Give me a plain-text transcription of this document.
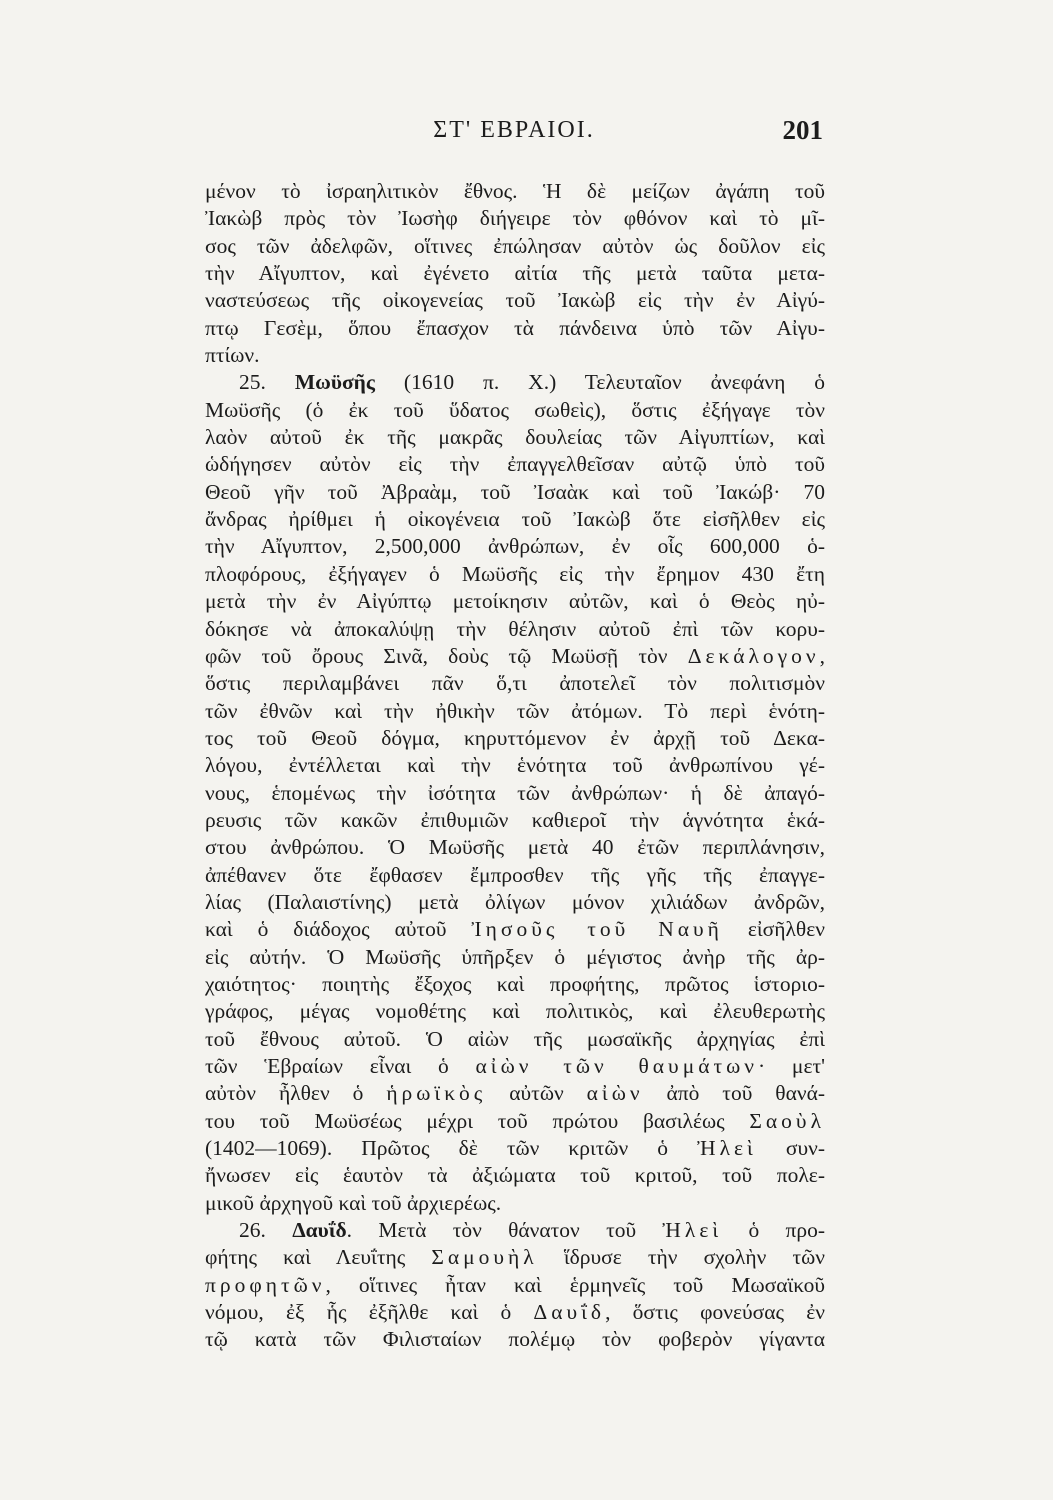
ΣΤ' ΕΒΡΑΙΟΙ.	201
μένον τὸ ἰσραηλιτικὸν ἔθνος. Ἡ δὲ μείζων ἀγάπη τοῦ
Ἰακὼβ πρὸς τὸν Ἰωσὴφ διήγειρε τὸν φθόνον καὶ τὸ μῖ-
σος τῶν ἀδελφῶν, οἵτινες ἐπώλησαν αὐτὸν ὡς δοῦλον εἰς
τὴν Αἴγυπτον, καὶ ἐγένετο αἰτία τῆς μετὰ ταῦτα μετα-
ναστεύσεως τῆς οἰκογενείας τοῦ Ἰακὼβ εἰς τὴν ἐν Αἰγύ-
πτῳ Γεσὲμ, ὅπου ἔπασχον τὰ πάνδεινα ὑπὸ τῶν Αἰγυ-
πτίων.
25. Μωϋσῆς (1610 π. Χ.) Τελευταῖον ἀνεφάνη ὁ
Μωϋσῆς (ὁ ἐκ τοῦ ὕδατος σωθεὶς), ὅστις ἐξήγαγε τὸν
λαὸν αὐτοῦ ἐκ τῆς μακρᾶς δουλείας τῶν Αἰγυπτίων, καὶ
ὡδήγησεν αὐτὸν εἰς τὴν ἐπαγγελθεῖσαν αὐτῷ ὑπὸ τοῦ
Θεοῦ γῆν τοῦ Ἀβραὰμ, τοῦ Ἰσαὰκ καὶ τοῦ Ἰακώβ· 70
ἄνδρας ἠρίθμει ἡ οἰκογένεια τοῦ Ἰακὼβ ὅτε εἰσῆλθεν εἰς
τὴν Αἴγυπτον, 2,500,000 ἀνθρώπων, ἐν οἷς 600,000 ὁ-
πλοφόρους, ἐξήγαγεν ὁ Μωϋσῆς εἰς τὴν ἔρημον 430 ἔτη
μετὰ τὴν ἐν Αἰγύπτῳ μετοίκησιν αὐτῶν, καὶ ὁ Θεὸς ηὐ-
δόκησε νὰ ἀποκαλύψῃ τὴν θέλησιν αὐτοῦ ἐπὶ τῶν κορυ-
φῶν τοῦ ὄρους Σινᾶ, δοὺς τῷ Μωϋσῇ τὸν Δεκάλογον,
ὅστις περιλαμβάνει πᾶν ὅ,τι ἀποτελεῖ τὸν πολιτισμὸν
τῶν ἐθνῶν καὶ τὴν ἠθικὴν τῶν ἀτόμων. Τὸ περὶ ἑνότη-
τος τοῦ Θεοῦ δόγμα, κηρυττόμενον ἐν ἀρχῇ τοῦ Δεκα-
λόγου, ἐντέλλεται καὶ τὴν ἑνότητα τοῦ ἀνθρωπίνου γέ-
νους, ἑπομένως τὴν ἰσότητα τῶν ἀνθρώπων· ἡ δὲ ἀπαγό-
ρευσις τῶν κακῶν ἐπιθυμιῶν καθιεροῖ τὴν ἁγνότητα ἑκά-
στου ἀνθρώπου. Ὁ Μωϋσῆς μετὰ 40 ἐτῶν περιπλάνησιν,
ἀπέθανεν ὅτε ἔφθασεν ἔμπροσθεν τῆς γῆς τῆς ἐπαγγε-
λίας (Παλαιστίνης) μετὰ ὀλίγων μόνον χιλιάδων ἀνδρῶν,
καὶ ὁ διάδοχος αὐτοῦ Ἰησοῦς τοῦ Ναυῆ εἰσῆλθεν
εἰς αὐτήν. Ὁ Μωϋσῆς ὑπῆρξεν ὁ μέγιστος ἀνὴρ τῆς ἀρ-
χαιότητος· ποιητὴς ἔξοχος καὶ προφήτης, πρῶτος ἱστοριο-
γράφος, μέγας νομοθέτης καὶ πολιτικὸς, καὶ ἐλευθερωτὴς
τοῦ ἔθνους αὐτοῦ. Ὁ αἰὼν τῆς μωσαϊκῆς ἀρχηγίας ἐπὶ
τῶν Ἑβραίων εἶναι ὁ αἰὼν τῶν θαυμάτων· μετ'
αὐτὸν ἦλθεν ὁ ἡρωϊκὸς αὐτῶν αἰὼν ἀπὸ τοῦ θανά-
του τοῦ Μωϋσέως μέχρι τοῦ πρώτου βασιλέως Σαοὺλ
(1402—1069). Πρῶτος δὲ τῶν κριτῶν ὁ Ἠλεὶ συν-
ἤνωσεν εἰς ἑαυτὸν τὰ ἀξιώματα τοῦ κριτοῦ, τοῦ πολε-
μικοῦ ἀρχηγοῦ καὶ τοῦ ἀρχιερέως.
26. Δαυΐδ. Μετὰ τὸν θάνατον τοῦ Ἠλεὶ ὁ προ-
φήτης καὶ Λευΐτης Σαμουὴλ ἵδρυσε τὴν σχολὴν τῶν
προφητῶν, οἵτινες ἦταν καὶ ἑρμηνεῖς τοῦ Μωσαϊκοῦ
νόμου, ἐξ ἧς ἐξῆλθε καὶ ὁ Δαυΐδ, ὅστις φονεύσας ἐν
τῷ κατὰ τῶν Φιλισταίων πολέμῳ τὸν φοβερὸν γίγαντα
